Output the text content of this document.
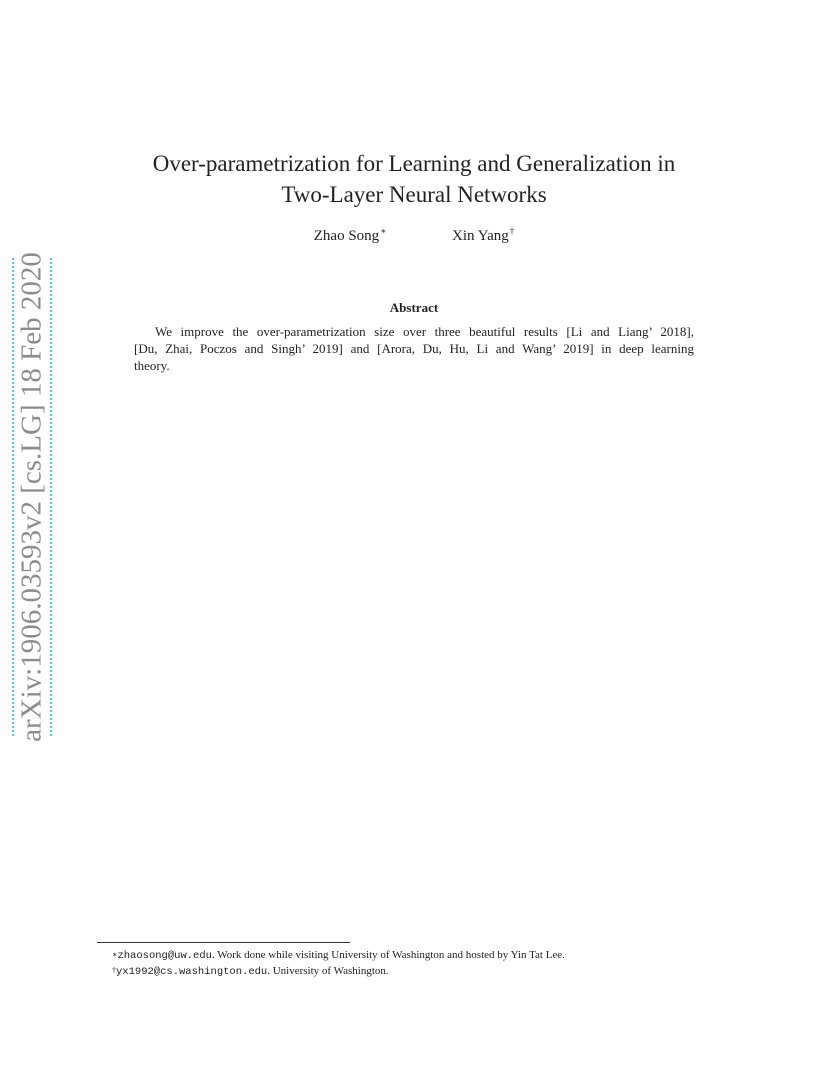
arXiv:1906.03593v2 [cs.LG] 18 Feb 2020
Over-parametrization for Learning and Generalization in
Two-Layer Neural Networks
Zhao Song∗	Xin Yang†
Abstract
We improve the over-parametrization size over three beautiful results [Li and Liang’ 2018],
[Du, Zhai, Poczos and Singh’ 2019] and [Arora, Du, Hu, Li and Wang’ 2019] in deep learning
theory.
∗zhaosong@uw.edu. Work done while visiting University of Washington and hosted by Yin Tat Lee.
†yx1992@cs.washington.edu. University of Washington.
